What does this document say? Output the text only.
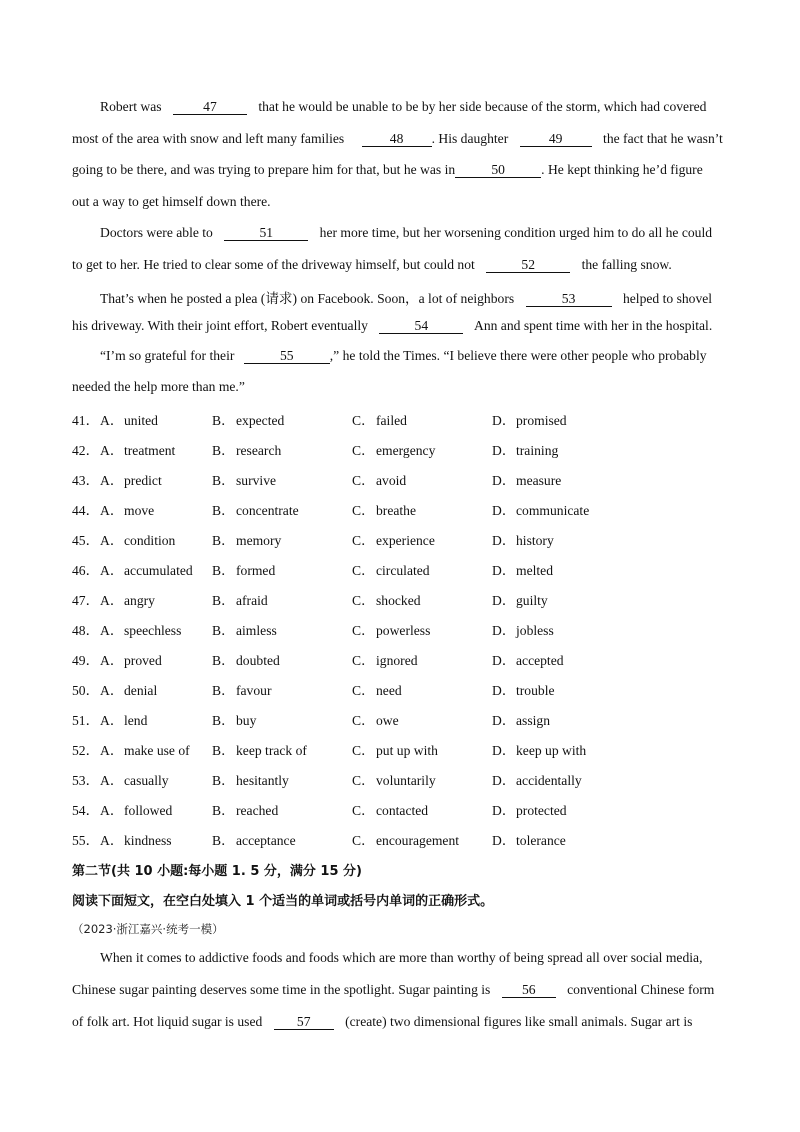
Robert was	47	that he would be unable to be by her side because of the storm, which had covered
most of the area with snow and left many families	48 . His daughter	49	the fact that he wasn’t
going to be there, and was trying to prepare him for that, but he was in	50	. He kept thinking he’d figure
out a way to get himself down there.
Doctors were able to	51	her more time, but her worsening condition urged him to do all he could
to get to her. He tried to clear some of the driveway himself, but could not	52	the falling snow.
That’s when he posted a plea (请求) on Facebook. Soon，a lot of neighbors	53	helped to shovel
his driveway. With their joint effort, Robert eventually	54	Ann and spent time with her in the hospital.
“I’m so grateful for their	55	,” he told the Times. “I believe there were other people who probably
needed the help more than me.”
41． A．united	B．expected	C．failed	D．promised
42． A．treatment	B．research	C．emergency	D．training
43． A．predict	B．survive	C．avoid	D．measure
44． A．move	B．concentrate	C．breathe	D．communicate
45． A．condition	B．memory	C．experience	D．history
46． A．accumulated B．formed	C．circulated	D．melted
47． A．angry	B．afraid	C．shocked	D．guilty
48． A．speechless B．aimless	C．powerless	D．jobless
49． A．proved	B．doubted	C．ignored	D．accepted
50． A．denial	B．favour	C．need	D．trouble
51． A．lend	B．buy	C．owe	D．assign
52． A．make use of B．keep track of	C．put up with	D．keep up with
53． A．casually	B．hesitantly	C．voluntarily	D．accidentally
54． A．followed	B．reached	C．contacted	D．protected
55． A．kindness	B．acceptance	C．encouragement D．tolerance
第二节(共 10 小题:每小题 1. 5 分，满分 15 分)
阅读下面短文，在空白处填入 1 个适当的单词或括号内单词的正确形式。
（2023·浙江嘉兴·统考一模）
When it comes to addictive foods and foods which are more than worthy of being spread all over social media,
Chinese sugar painting deserves some time in the spotlight. Sugar painting is 56 conventional Chinese form
of folk art. Hot liquid sugar is used	57	(create) two dimensional figures like small animals. Sugar art is
